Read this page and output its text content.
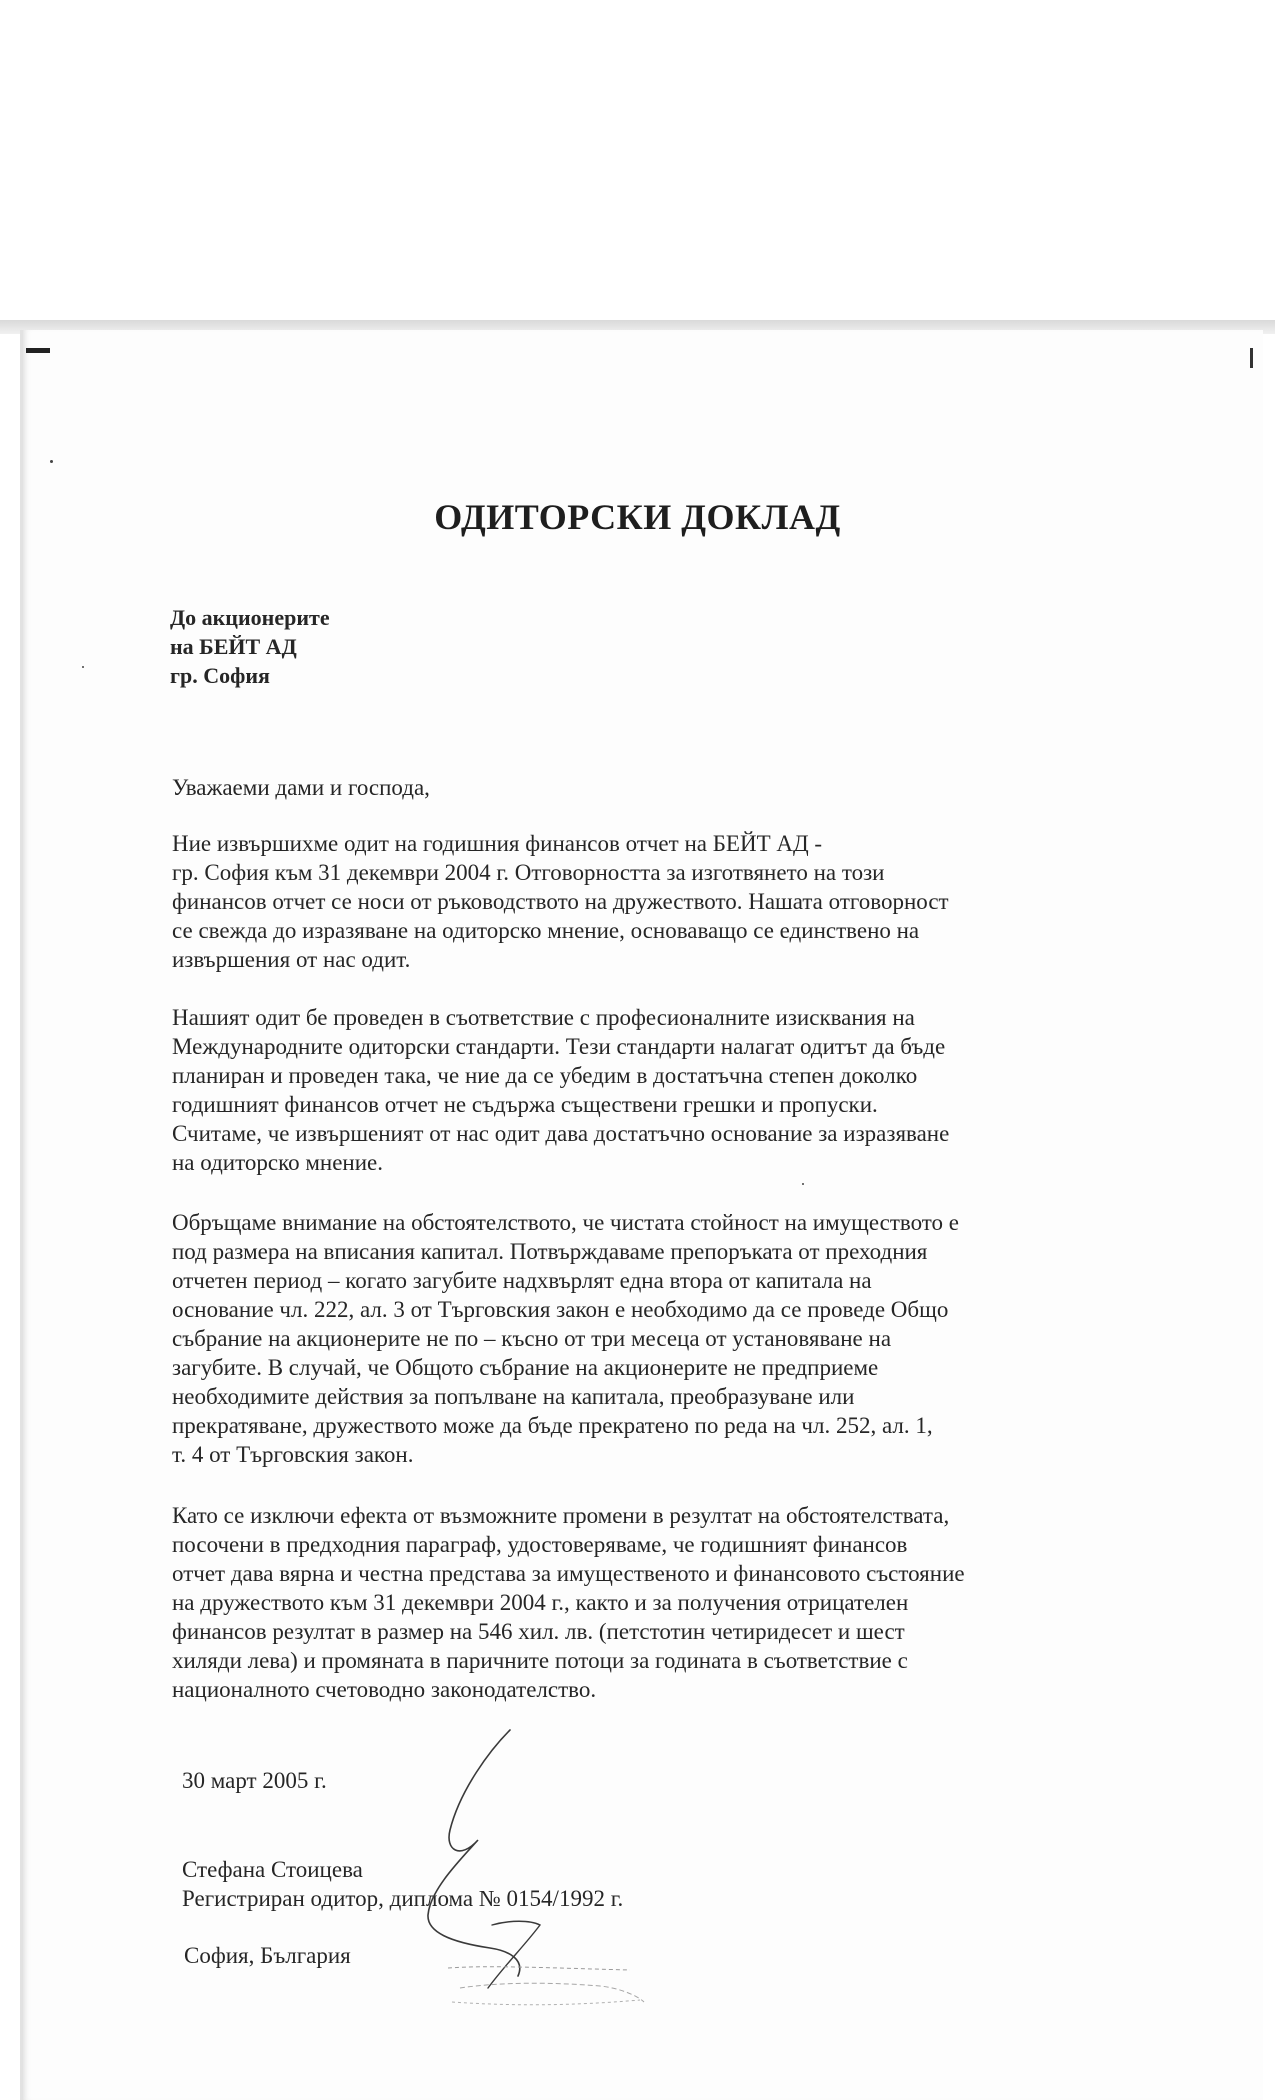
ОДИТОРСКИ ДОКЛАД
До акционерите
на БЕЙТ АД
гр. София
Уважаеми дами и господа,
Ние извършихме одит на годишния финансов отчет на БЕЙТ АД -
гр. София към 31 декември 2004 г. Отговорността за изготвянето на този
финансов отчет се носи от ръководството на дружеството. Нашата отговорност
се свежда до изразяване на одиторско мнение, основаващо се единствено на
извършения от нас одит.
Нашият одит бе проведен в съответствие с професионалните изисквания на
Международните одиторски стандарти. Тези стандарти налагат одитът да бъде
планиран и проведен така, че ние да се убедим в достатъчна степен доколко
годишният финансов отчет не съдържа съществени грешки и пропуски.
Считаме, че извършеният от нас одит дава достатъчно основание за изразяване
на одиторско мнение.
Обръщаме внимание на обстоятелството, че чистата стойност на имуществото е
под размера на вписания капитал. Потвърждаваме препоръката от преходния
отчетен период – когато загубите надхвърлят една втора от капитала на
основание чл. 222, ал. 3 от Търговския закон е необходимо да се проведе Общо
събрание на акционерите не по – късно от три месеца от установяване на
загубите. В случай, че Общото събрание на акционерите не предприеме
необходимите действия за попълване на капитала, преобразуване или
прекратяване, дружеството може да бъде прекратено по реда на чл. 252, ал. 1,
т. 4 от Търговския закон.
Като се изключи ефекта от възможните промени в резултат на обстоятелствата,
посочени в предходния параграф, удостоверяваме, че годишният финансов
отчет дава вярна и честна представа за имущественото и финансовото състояние
на дружеството към 31 декември 2004 г., както и за получения отрицателен
финансов резултат в размер на 546 хил. лв. (петстотин четиридесет и шест
хиляди лева) и промяната в паричните потоци за годината в съответствие с
националното счетоводно законодателство.
30 март 2005 г.
Стефана Стоицева
Регистриран одитор, диплома № 0154/1992 г.
София, България
